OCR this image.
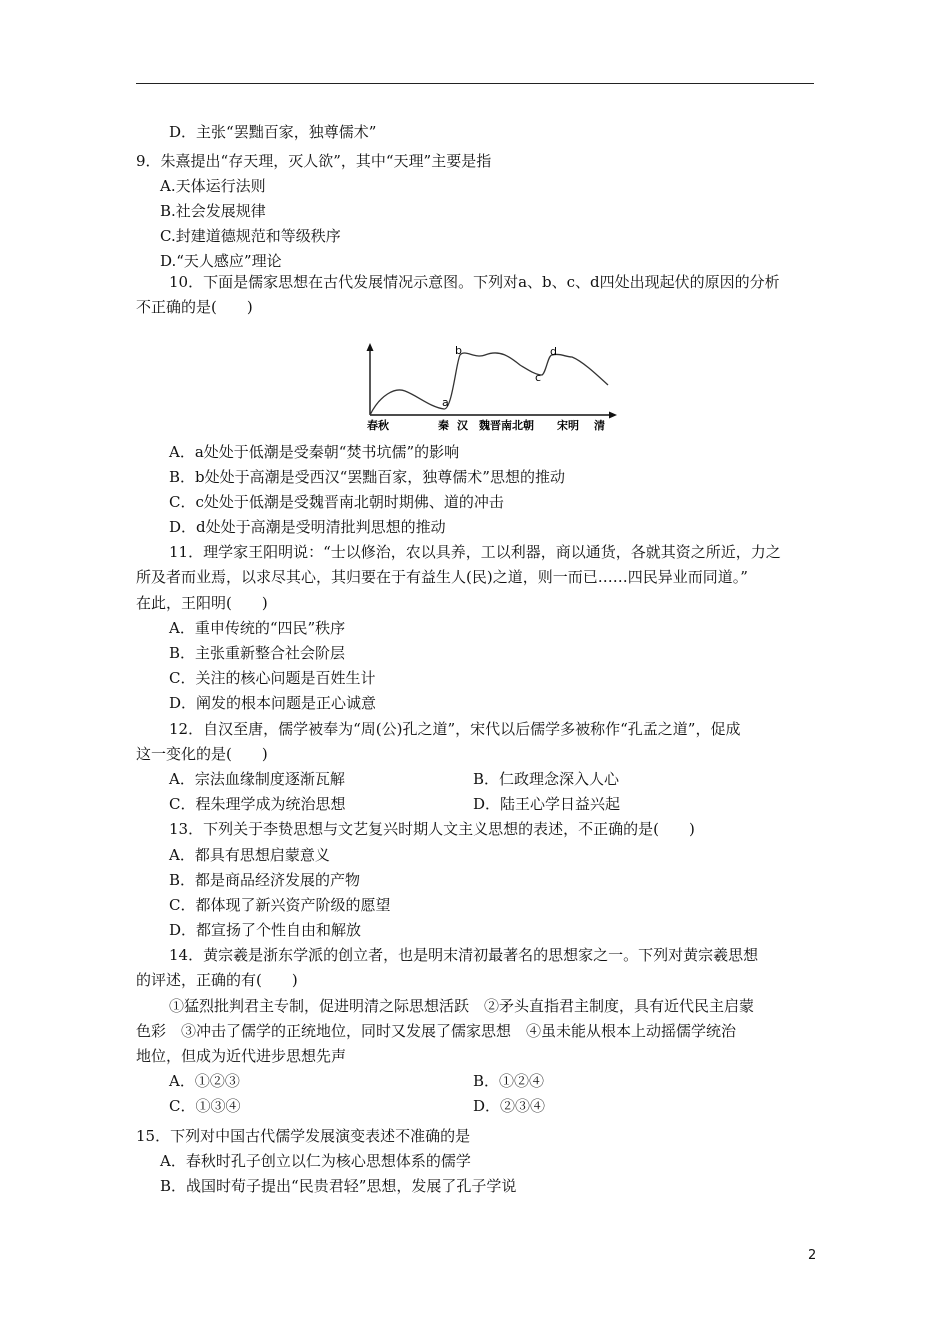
D．主张“罢黜百家，独尊儒术”
9．朱熹提出“存天理，灭人欲”，其中“天理”主要是指
A.天体运行法则
B.社会发展规律
C.封建道德规范和等级秩序
D.“天人感应”理论
10．下面是儒家思想在古代发展情况示意图。下列对a、b、c、d四处出现起伏的原因的分析
不正确的是(　　)
a
b
c
d
春秋	秦 汉 魏晋南北朝 宋明 清
A．a处处于低潮是受秦朝“焚书坑儒”的影响
B．b处处于高潮是受西汉“罢黜百家，独尊儒术”思想的推动
C．c处处于低潮是受魏晋南北朝时期佛、道的冲击
D．d处处于高潮是受明清批判思想的推动
11．理学家王阳明说：“士以修治，农以具养，工以利器，商以通货，各就其资之所近，力之
所及者而业焉，以求尽其心，其归要在于有益生人(民)之道，则一而已……四民异业而同道。”
在此，王阳明(　　)
A．重申传统的“四民”秩序
B．主张重新整合社会阶层
C．关注的核心问题是百姓生计
D．阐发的根本问题是正心诚意
12．自汉至唐，儒学被奉为“周(公)孔之道”，宋代以后儒学多被称作“孔孟之道”，促成
这一变化的是(　　)
A．宗法血缘制度逐渐瓦解	B．仁政理念深入人心
C．程朱理学成为统治思想	D．陆王心学日益兴起
13．下列关于李贽思想与文艺复兴时期人文主义思想的表述，不正确的是(　　)
A．都具有思想启蒙意义
B．都是商品经济发展的产物
C．都体现了新兴资产阶级的愿望
D．都宣扬了个性自由和解放
14．黄宗羲是浙东学派的创立者，也是明末清初最著名的思想家之一。下列对黄宗羲思想
的评述，正确的有(　　)
①猛烈批判君主专制，促进明清之际思想活跃　②矛头直指君主制度，具有近代民主启蒙
色彩　③冲击了儒学的正统地位，同时又发展了儒家思想　④虽未能从根本上动摇儒学统治
地位，但成为近代进步思想先声
A．①②③	B．①②④
C．①③④	D．②③④
15．下列对中国古代儒学发展演变表述不准确的是
A．春秋时孔子创立以仁为核心思想体系的儒学
B．战国时荀子提出“民贵君轻”思想，发展了孔子学说
2
